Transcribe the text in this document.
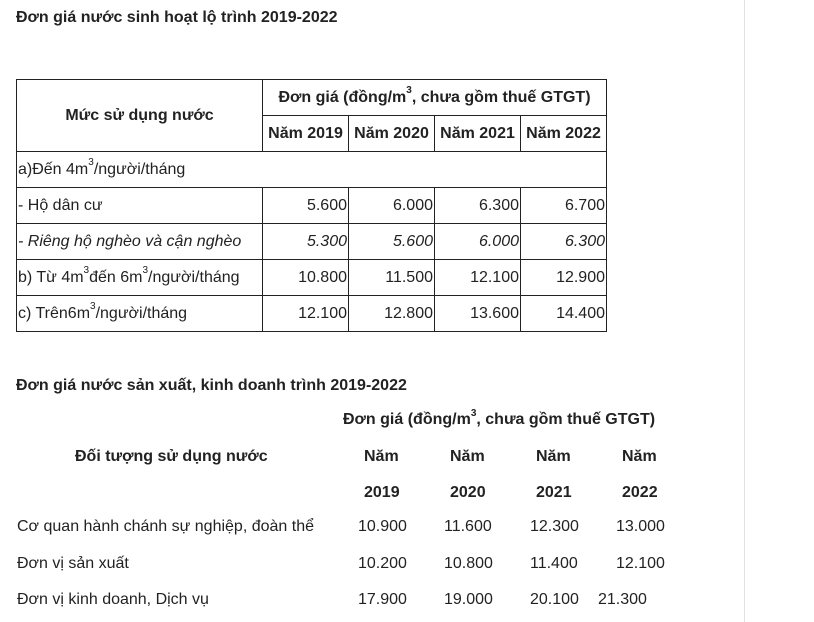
Đơn giá nước sinh hoạt lộ trình 2019-2022
Mức sử dụng nước	Đơn giá ($đồng/m^3$, chưa gồm thuế GTGT)			
	Năm 2019	Năm 2020	Năm 2021	Năm 2022
a)Đến $4m^3/người$/tháng				
- Hộ dân cư	5.600	6.000	6.300	6.700
- Riêng hộ nghèo và cận nghèo	5.300	5.600	6.000	6.300
b) Từ $4m^3đến$ $6m^3/người$/tháng	10.800	11.500	12.100	12.900
c) $Trên6m^3/người$/tháng	12.100	12.800	13.600	14.400
Đơn giá nước sản xuất, kinh doanh trình 2019-2022
Đơn giá ($đồng/m^3$, chưa gồm thuế GTGT)
Đối tượng sử dụng nước	Năm	Năm	Năm	Năm
2019	2020	2021	2022
Cơ quan hành chánh sự nghiệp, đoàn thể	10.900 11.600 12.300 13.000
Đơn vị sản xuất	10.200 10.800 11.400 12.100
Đơn vị kinh doanh, Dịch vụ	17.900 19.000 20.100 21.300
